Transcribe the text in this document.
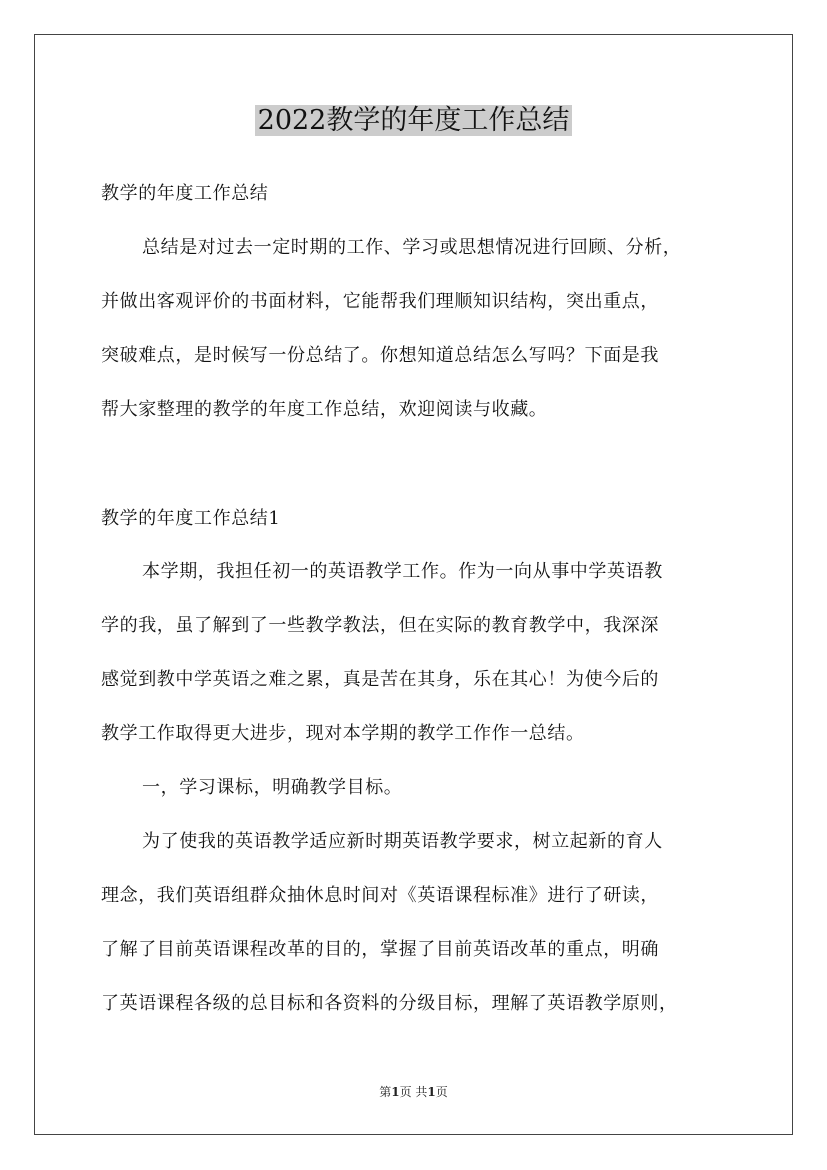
2022教学的年度工作总结

教学的年度工作总结

总结是对过去一定时期的工作、学习或思想情况进行回顾、分析，

并做出客观评价的书面材料，它能帮我们理顺知识结构，突出重点，

突破难点，是时候写一份总结了。你想知道总结怎么写吗？下面是我

帮大家整理的教学的年度工作总结，欢迎阅读与收藏。

教学的年度工作总结1

本学期，我担任初一的英语教学工作。作为一向从事中学英语教

学的我，虽了解到了一些教学教法，但在实际的教育教学中，我深深

感觉到教中学英语之难之累，真是苦在其身，乐在其心！为使今后的

教学工作取得更大进步，现对本学期的教学工作作一总结。

一，学习课标，明确教学目标。

为了使我的英语教学适应新时期英语教学要求，树立起新的育人

理念，我们英语组群众抽休息时间对《英语课程标准》进行了研读，

了解了目前英语课程改革的目的，掌握了目前英语改革的重点，明确

了英语课程各级的总目标和各资料的分级目标，理解了英语教学原则，

第1页 共1页
